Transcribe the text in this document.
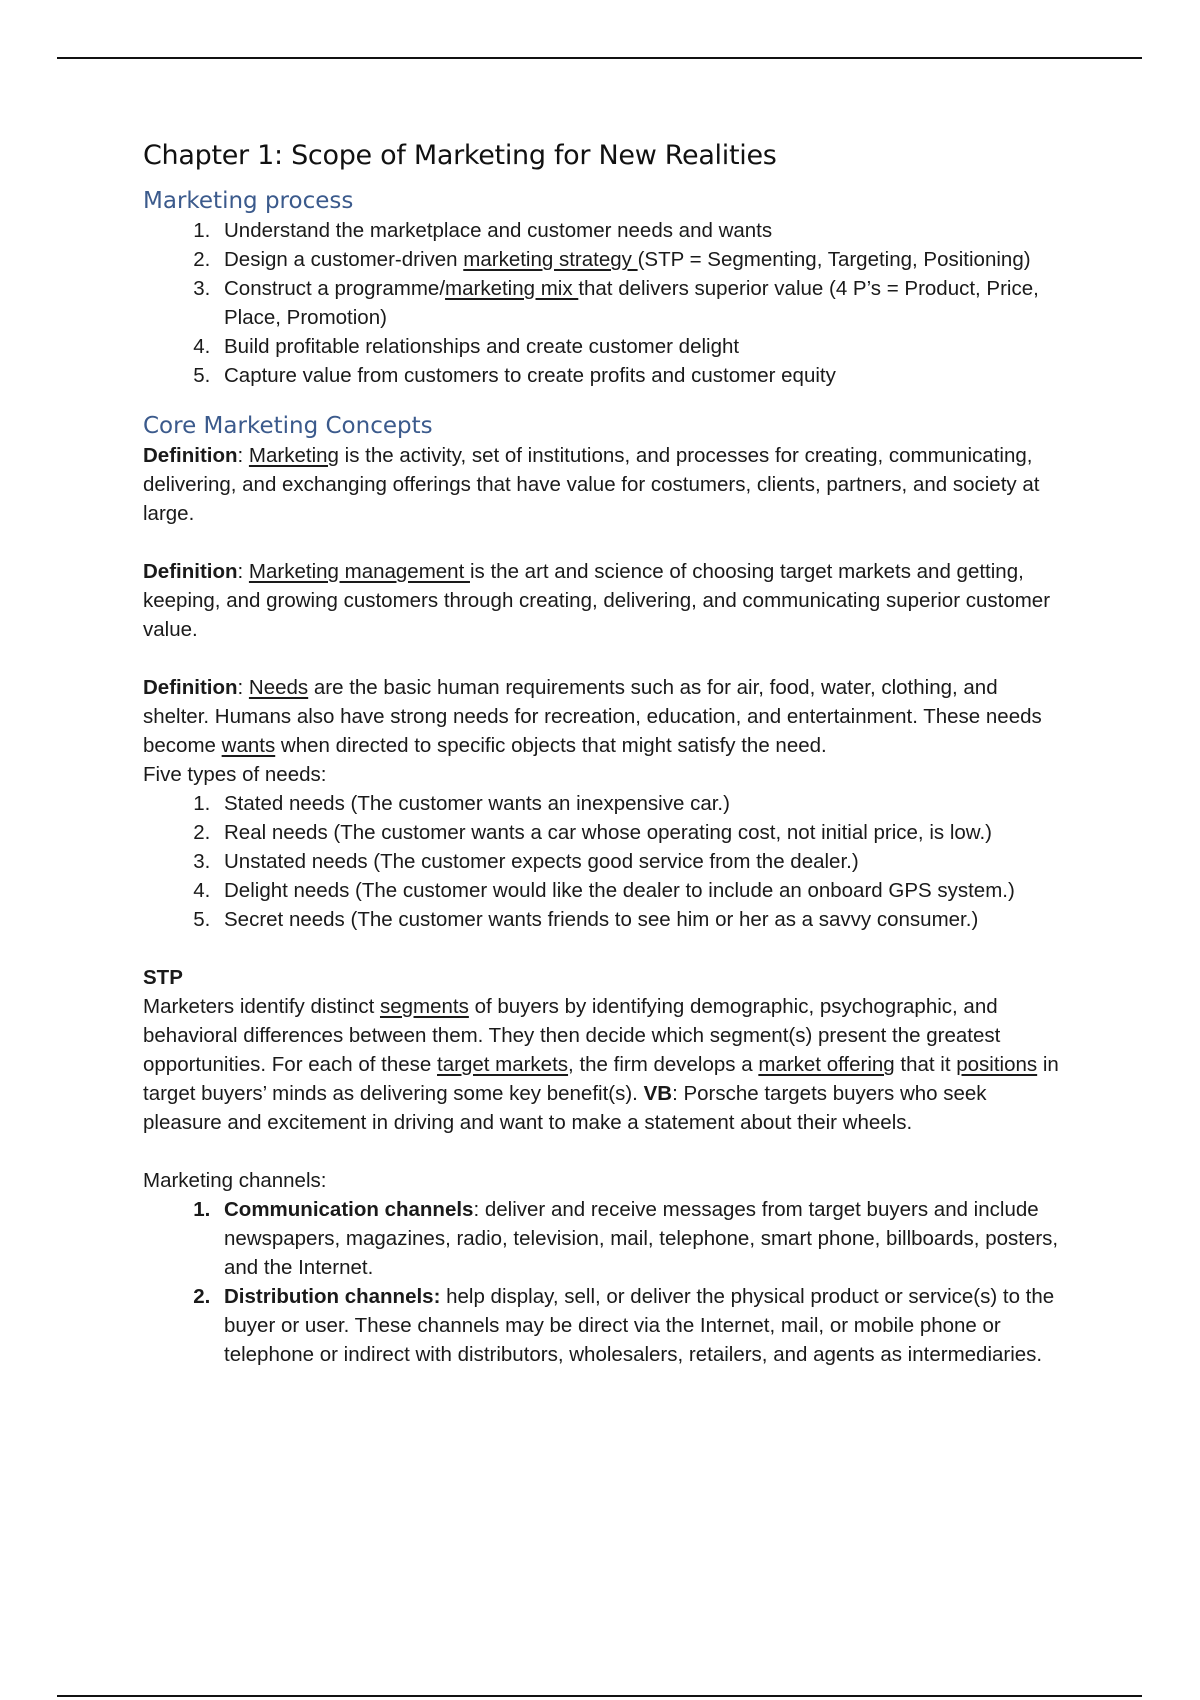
Chapter 1: Scope of Marketing for New Realities
Marketing process
1. Understand the marketplace and customer needs and wants
2. Design a customer-driven marketing strategy (STP = Segmenting, Targeting, Positioning)
3. Construct a programme/marketing mix that delivers superior value (4 P’s = Product, Price, Place, Promotion)
4. Build profitable relationships and create customer delight
5. Capture value from customers to create profits and customer equity
Core Marketing Concepts

Definition: Marketing is the activity, set of institutions, and processes for creating, communicating, delivering, and exchanging offerings that have value for costumers, clients, partners, and society at large.

Definition: Marketing management is the art and science of choosing target markets and getting, keeping, and growing customers through creating, delivering, and communicating superior customer value.

Definition: Needs are the basic human requirements such as for air, food, water, clothing, and shelter. Humans also have strong needs for recreation, education, and entertainment. These needs become wants when directed to specific objects that might satisfy the need.

Five types of needs:

1. Stated needs (The customer wants an inexpensive car.)
2. Real needs (The customer wants a car whose operating cost, not initial price, is low.)
3. Unstated needs (The customer expects good service from the dealer.)
4. Delight needs (The customer would like the dealer to include an onboard GPS system.)
5. Secret needs (The customer wants friends to see him or her as a savvy consumer.)

STP

Marketers identify distinct segments of buyers by identifying demographic, psychographic, and behavioral differences between them. They then decide which segment(s) present the greatest opportunities. For each of these target markets, the firm develops a market offering that it positions in target buyers’ minds as delivering some key benefit(s). VB: Porsche targets buyers who seek pleasure and excitement in driving and want to make a statement about their wheels.

Marketing channels:

1. Communication channels: deliver and receive messages from target buyers and include newspapers, magazines, radio, television, mail, telephone, smart phone, billboards, posters, and the Internet.
2. Distribution channels: help display, sell, or deliver the physical product or service(s) to the buyer or user. These channels may be direct via the Internet, mail, or mobile phone or telephone or indirect with distributors, wholesalers, retailers, and agents as intermediaries.
